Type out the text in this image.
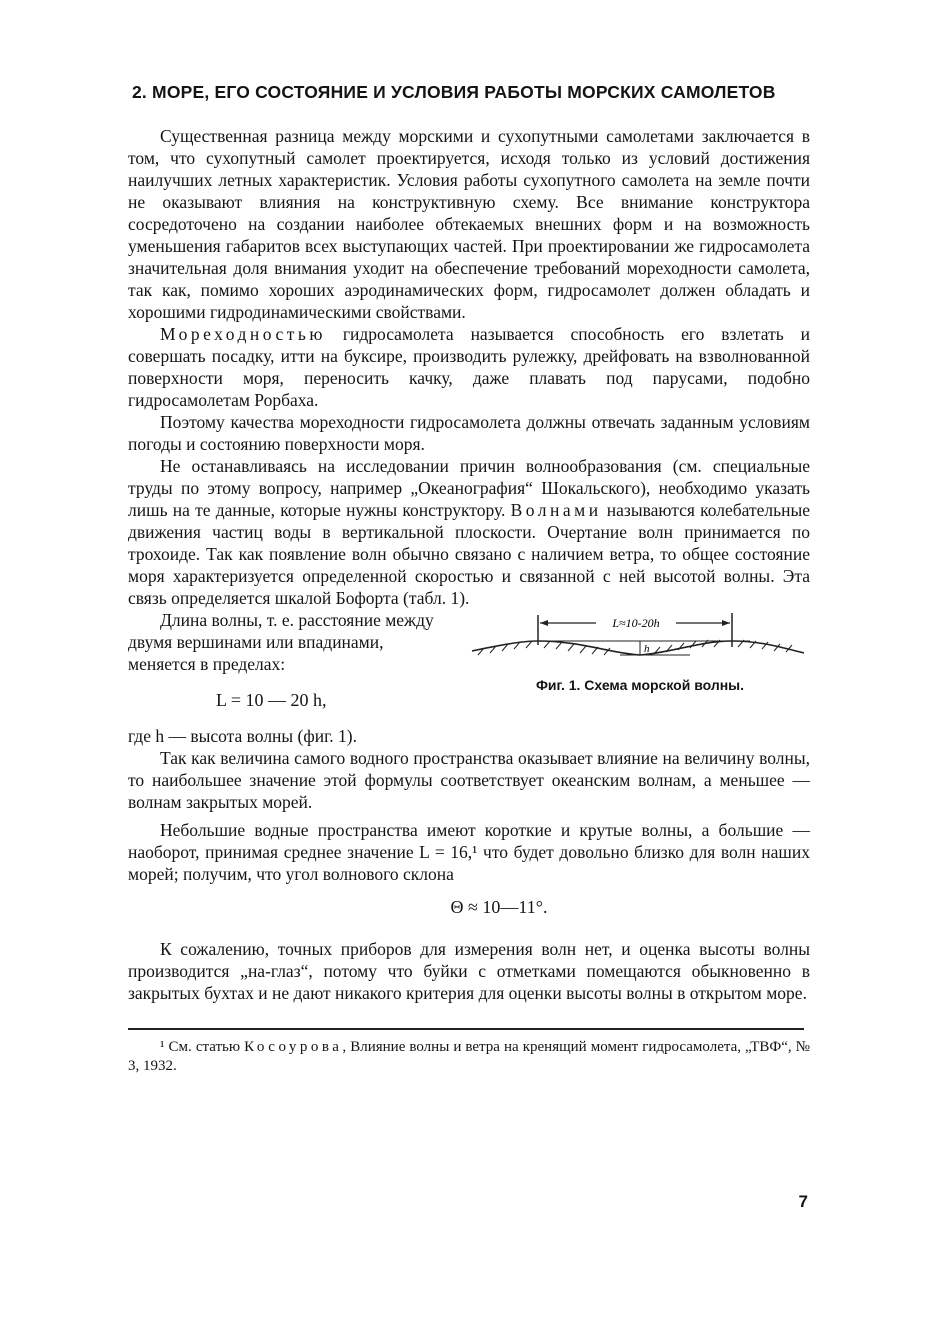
2. МОРЕ, ЕГО СОСТОЯНИЕ И УСЛОВИЯ РАБОТЫ МОРСКИХ САМОЛЕТОВ

Существенная разница между морскими и сухопутными самолетами заключается в том, что сухопутный самолет проектируется, исходя только из условий достижения наилучших летных характеристик. Условия работы сухопутного самолета на земле почти не оказывают влияния на конструктивную схему. Все внимание конструктора сосредоточено на создании наиболее обтекаемых внешних форм и на возможность уменьшения габаритов всех выступающих частей. При проектировании же гидросамолета значительная доля внимания уходит на обеспечение требований мореходности самолета, так как, помимо хороших аэродинамических форм, гидросамолет должен обладать и хорошими гидродинамическими свойствами.

Мореходностью гидросамолета называется способность его взлетать и совершать посадку, итти на буксире, производить рулежку, дрейфовать на взволнованной поверхности моря, переносить качку, даже плавать под парусами, подобно гидросамолетам Рорбаха.

Поэтому качества мореходности гидросамолета должны отвечать заданным условиям погоды и состоянию поверхности моря.

Не останавливаясь на исследовании причин волнообразования (см. специальные труды по этому вопросу, например „Океанография“ Шокальского), необходимо указать лишь на те данные, которые нужны конструктору. Волнами называются колебательные движения частиц воды в вертикальной плоскости. Очертание волн принимается по трохоиде. Так как появление волн обычно связано с наличием ветра, то общее состояние моря характеризуется определенной скоростью и связанной с ней высотой волны. Эта связь определяется шкалой Бофорта (табл. 1).

Длина волны, т. е. расстояние между двумя вершинами или впадинами, меняется в пределах:

L = 10 — 20 h,
L≈10-20h
h
Фиг. 1. Схема морской волны.

где h — высота волны (фиг. 1).

Так как величина самого водного пространства оказывает влияние на величину волны, то наибольшее значение этой формулы соответствует океанским волнам, а меньшее — волнам закрытых морей.

Небольшие водные пространства имеют короткие и крутые волны, а большие — наоборот, принимая среднее значение L = 16,¹ что будет довольно близко для волн наших морей; получим, что угол волнового склона

Θ ≈ 10—11°.

К сожалению, точных приборов для измерения волн нет, и оценка высоты волны производится „на-глаз“, потому что буйки с отметками помещаются обыкновенно в закрытых бухтах и не дают никакого критерия для оценки высоты волны в открытом море.

¹ См. статью Косоурова, Влияние волны и ветра на кренящий момент гидросамолета, „ТВФ“, № 3, 1932.

7
